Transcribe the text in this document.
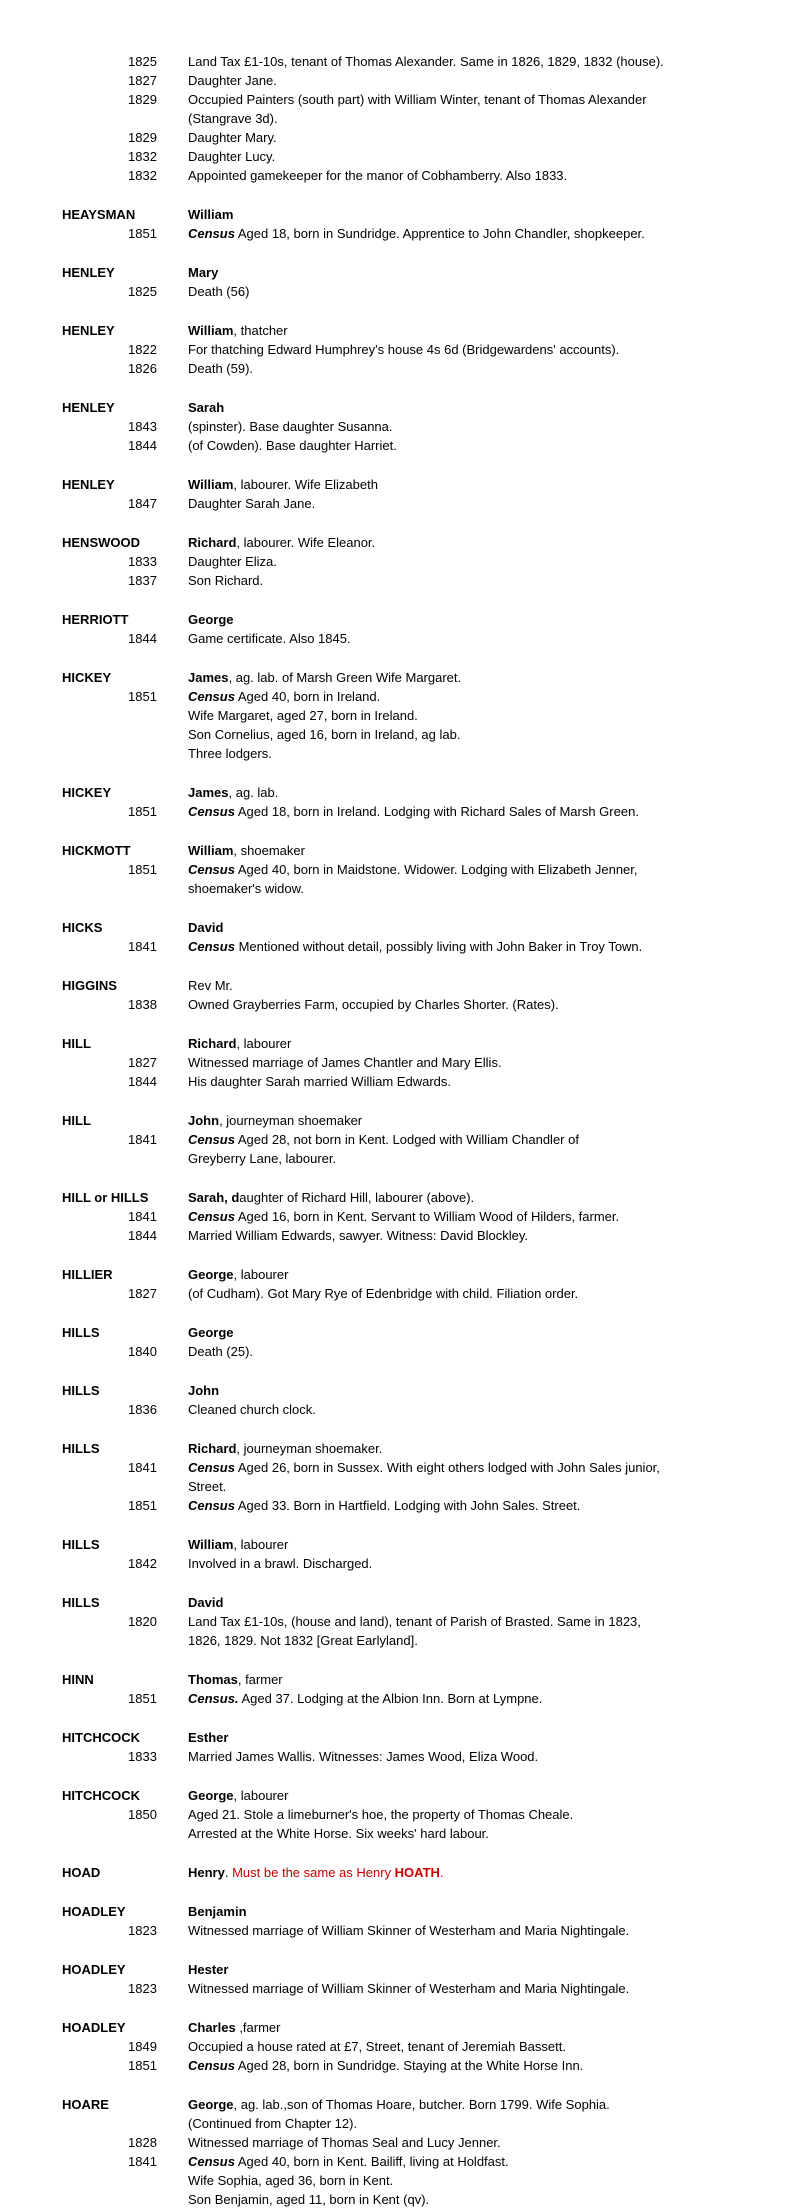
1825	Land Tax £1-10s, tenant of Thomas Alexander. Same in 1826, 1829, 1832 (house).
1827	Daughter Jane.
1829	Occupied Painters (south part) with William Winter, tenant of Thomas Alexander
(Stangrave 3d).
1829	Daughter Mary.
1832	Daughter Lucy.
1832	Appointed gamekeeper for the manor of Cobhamberry. Also 1833.
HEAYSMAN	William
1851	Census Aged 18, born in Sundridge. Apprentice to John Chandler, shopkeeper.
HENLEY	Mary
1825	Death (56)
HENLEY	William, thatcher
1822	For thatching Edward Humphrey's house 4s 6d (Bridgewardens' accounts).
1826	Death (59).
HENLEY	Sarah
1843	(spinster). Base daughter Susanna.
1844	(of Cowden). Base daughter Harriet.
HENLEY	William, labourer. Wife Elizabeth
1847	Daughter Sarah Jane.
HENSWOOD	Richard, labourer. Wife Eleanor.
1833	Daughter Eliza.
1837	Son Richard.
HERRIOTT	George
1844	Game certificate. Also 1845.
HICKEY	James, ag. lab. of Marsh Green Wife Margaret.
1851	Census Aged 40, born in Ireland.
Wife Margaret, aged 27, born in Ireland.
Son Cornelius, aged 16, born in Ireland, ag lab.
Three lodgers.
HICKEY	James, ag. lab.
1851	Census Aged 18, born in Ireland. Lodging with Richard Sales of Marsh Green.
HICKMOTT	William, shoemaker
1851	Census Aged 40, born in Maidstone. Widower. Lodging with Elizabeth Jenner,
shoemaker's widow.
HICKS	David
1841	Census Mentioned without detail, possibly living with John Baker in Troy Town.
HIGGINS	Rev Mr.
1838	Owned Grayberries Farm, occupied by Charles Shorter. (Rates).
HILL	Richard, labourer
1827	Witnessed marriage of James Chantler and Mary Ellis.
1844	His daughter Sarah married William Edwards.
HILL	John, journeyman shoemaker
1841	Census Aged 28, not born in Kent. Lodged with William Chandler of
Greyberry Lane, labourer.
HILL or HILLS	Sarah, daughter of Richard Hill, labourer (above).
1841	Census Aged 16, born in Kent. Servant to William Wood of Hilders, farmer.
1844	Married William Edwards, sawyer. Witness: David Blockley.
HILLIER	George, labourer
1827	(of Cudham). Got Mary Rye of Edenbridge with child. Filiation order.
HILLS	George
1840	Death (25).
HILLS	John
1836	Cleaned church clock.
HILLS	Richard, journeyman shoemaker.
1841	Census Aged 26, born in Sussex. With eight others lodged with John Sales junior,
Street.
1851	Census Aged 33. Born in Hartfield. Lodging with John Sales. Street.
HILLS	William, labourer
1842	Involved in a brawl. Discharged.
HILLS	David
1820	Land Tax £1-10s, (house and land), tenant of Parish of Brasted. Same in 1823,
1826, 1829. Not 1832 [Great Earlyland].
HINN	Thomas, farmer
1851	Census. Aged 37. Lodging at the Albion Inn. Born at Lympne.
HITCHCOCK	Esther
1833	Married James Wallis. Witnesses: James Wood, Eliza Wood.
HITCHCOCK	George, labourer
1850	Aged 21. Stole a limeburner's hoe, the property of Thomas Cheale.
Arrested at the White Horse. Six weeks' hard labour.
HOAD	Henry. Must be the same as Henry HOATH.
HOADLEY	Benjamin
1823	Witnessed marriage of William Skinner of Westerham and Maria Nightingale.
HOADLEY	Hester
1823	Witnessed marriage of William Skinner of Westerham and Maria Nightingale.
HOADLEY	Charles ,farmer
1849	Occupied a house rated at £7, Street, tenant of Jeremiah Bassett.
1851	Census Aged 28, born in Sundridge. Staying at the White Horse Inn.
HOARE	George, ag. lab.,son of Thomas Hoare, butcher. Born 1799. Wife Sophia.
(Continued from Chapter 12).
1828	Witnessed marriage of Thomas Seal and Lucy Jenner.
1841	Census Aged 40, born in Kent. Bailiff, living at Holdfast.
Wife Sophia, aged 36, born in Kent.
Son Benjamin, aged 11, born in Kent (qv).
